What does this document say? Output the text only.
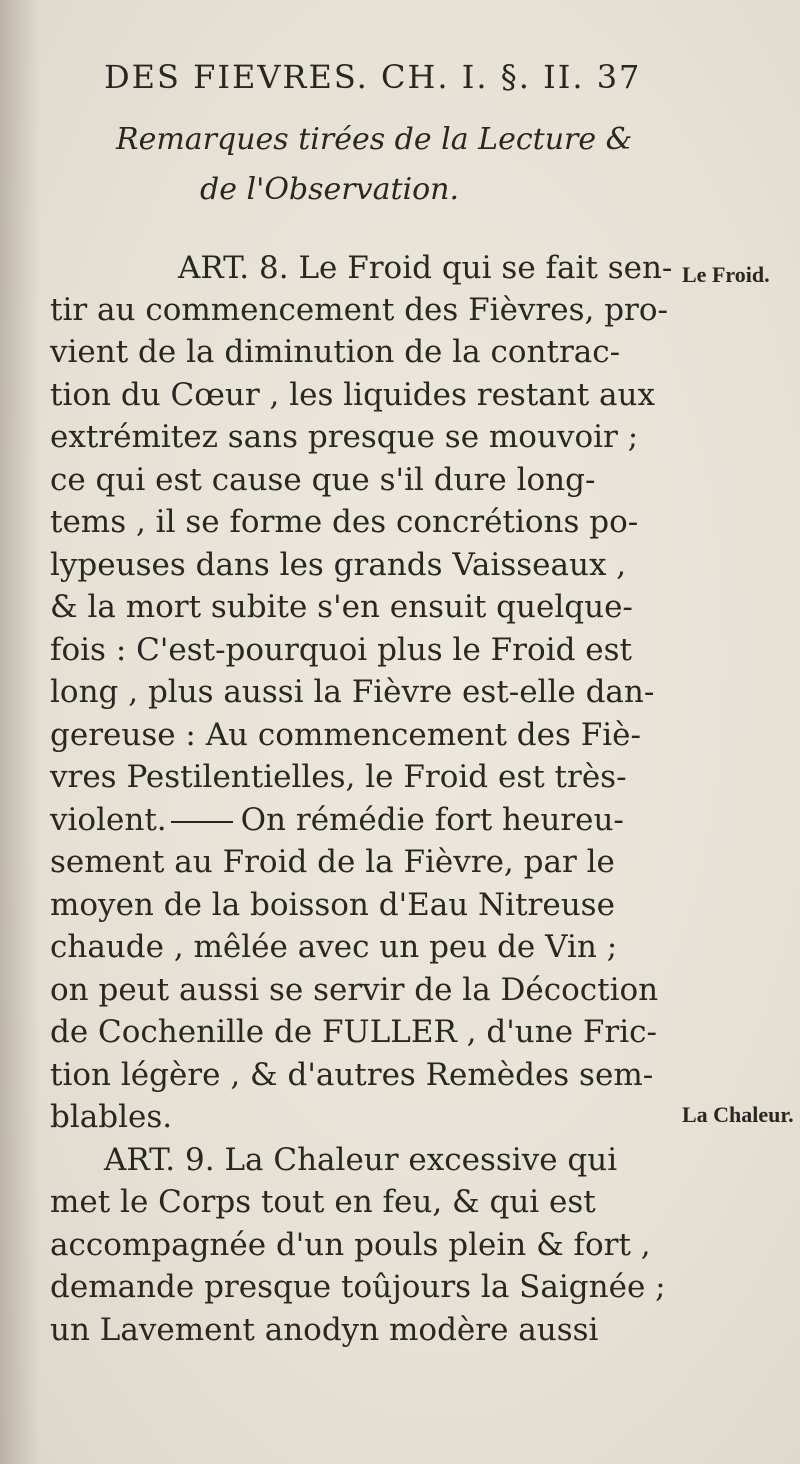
DES FIEVRES. CH. I. §. II. 37
Remarques tirées de la Lecture &
de l'Observation.
Le Froid.
La Chaleur.
ART. 8. Le Froid qui se fait sen-
tir au commencement des Fièvres, pro-
vient de la diminution de la contrac-
tion du Cœur , les liquides restant aux
extrémitez sans presque se mouvoir ;
ce qui est cause que s'il dure long-
tems , il se forme des concrétions po-
lypeuses dans les grands Vaisseaux ,
& la mort subite s'en ensuit quelque-
fois : C'est-pourquoi plus le Froid est
long , plus aussi la Fièvre est-elle dan-
gereuse : Au commencement des Fiè-
vres Pestilentielles, le Froid est très-
violent. On rémédie fort heureu-
sement au Froid de la Fièvre, par le
moyen de la boisson d'Eau Nitreuse
chaude , mêlée avec un peu de Vin ;
on peut aussi se servir de la Décoction
de Cochenille de FULLER , d'une Fric-
tion légère , & d'autres Remèdes sem-
blables.
ART. 9. La Chaleur excessive qui
met le Corps tout en feu, & qui est
accompagnée d'un pouls plein & fort ,
demande presque toûjours la Saignée ;
un Lavement anodyn modère aussi
